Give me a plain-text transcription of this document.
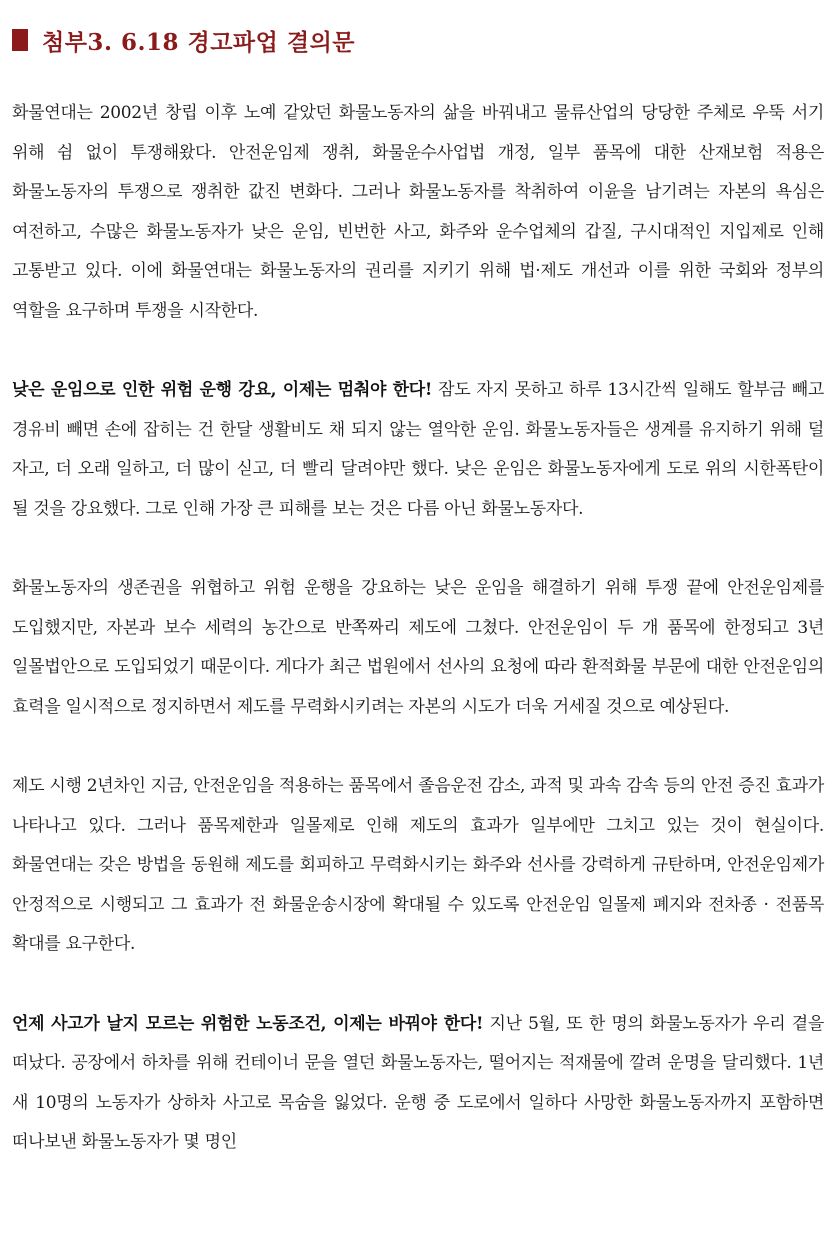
첨부3. 6.18 경고파업 결의문

화물연대는 2002년 창립 이후 노예 같았던 화물노동자의 삶을 바꿔내고 물류산업의 당당한 주체로 우뚝 서기 위해 쉼 없이 투쟁해왔다. 안전운임제 쟁취, 화물운수사업법 개정, 일부 품목에 대한 산재보험 적용은 화물노동자의 투쟁으로 쟁취한 값진 변화다. 그러나 화물노동자를 착취하여 이윤을 남기려는 자본의 욕심은 여전하고, 수많은 화물노동자가 낮은 운임, 빈번한 사고, 화주와 운수업체의 갑질, 구시대적인 지입제로 인해 고통받고 있다. 이에 화물연대는 화물노동자의 권리를 지키기 위해 법·제도 개선과 이를 위한 국회와 정부의 역할을 요구하며 투쟁을 시작한다.

낮은 운임으로 인한 위험 운행 강요, 이제는 멈춰야 한다! 잠도 자지 못하고 하루 13시간씩 일해도 할부금 빼고 경유비 빼면 손에 잡히는 건 한달 생활비도 채 되지 않는 열악한 운임. 화물노동자들은 생계를 유지하기 위해 덜 자고, 더 오래 일하고, 더 많이 싣고, 더 빨리 달려야만 했다. 낮은 운임은 화물노동자에게 도로 위의 시한폭탄이 될 것을 강요했다. 그로 인해 가장 큰 피해를 보는 것은 다름 아닌 화물노동자다.

화물노동자의 생존권을 위협하고 위험 운행을 강요하는 낮은 운임을 해결하기 위해 투쟁 끝에 안전운임제를 도입했지만, 자본과 보수 세력의 농간으로 반쪽짜리 제도에 그쳤다. 안전운임이 두 개 품목에 한정되고 3년 일몰법안으로 도입되었기 때문이다. 게다가 최근 법원에서 선사의 요청에 따라 환적화물 부문에 대한 안전운임의 효력을 일시적으로 정지하면서 제도를 무력화시키려는 자본의 시도가 더욱 거세질 것으로 예상된다.

제도 시행 2년차인 지금, 안전운임을 적용하는 품목에서 졸음운전 감소, 과적 및 과속 감속 등의 안전 증진 효과가 나타나고 있다. 그러나 품목제한과 일몰제로 인해 제도의 효과가 일부에만 그치고 있는 것이 현실이다. 화물연대는 갖은 방법을 동원해 제도를 회피하고 무력화시키는 화주와 선사를 강력하게 규탄하며, 안전운임제가 안정적으로 시행되고 그 효과가 전 화물운송시장에 확대될 수 있도록 안전운임 일몰제 폐지와 전차종 · 전품목 확대를 요구한다.

언제 사고가 날지 모르는 위험한 노동조건, 이제는 바꿔야 한다! 지난 5월, 또 한 명의 화물노동자가 우리 곁을 떠났다. 공장에서 하차를 위해 컨테이너 문을 열던 화물노동자는, 떨어지는 적재물에 깔려 운명을 달리했다. 1년 새 10명의 노동자가 상하차 사고로 목숨을 잃었다. 운행 중 도로에서 일하다 사망한 화물노동자까지 포함하면 떠나보낸 화물노동자가 몇 명인
